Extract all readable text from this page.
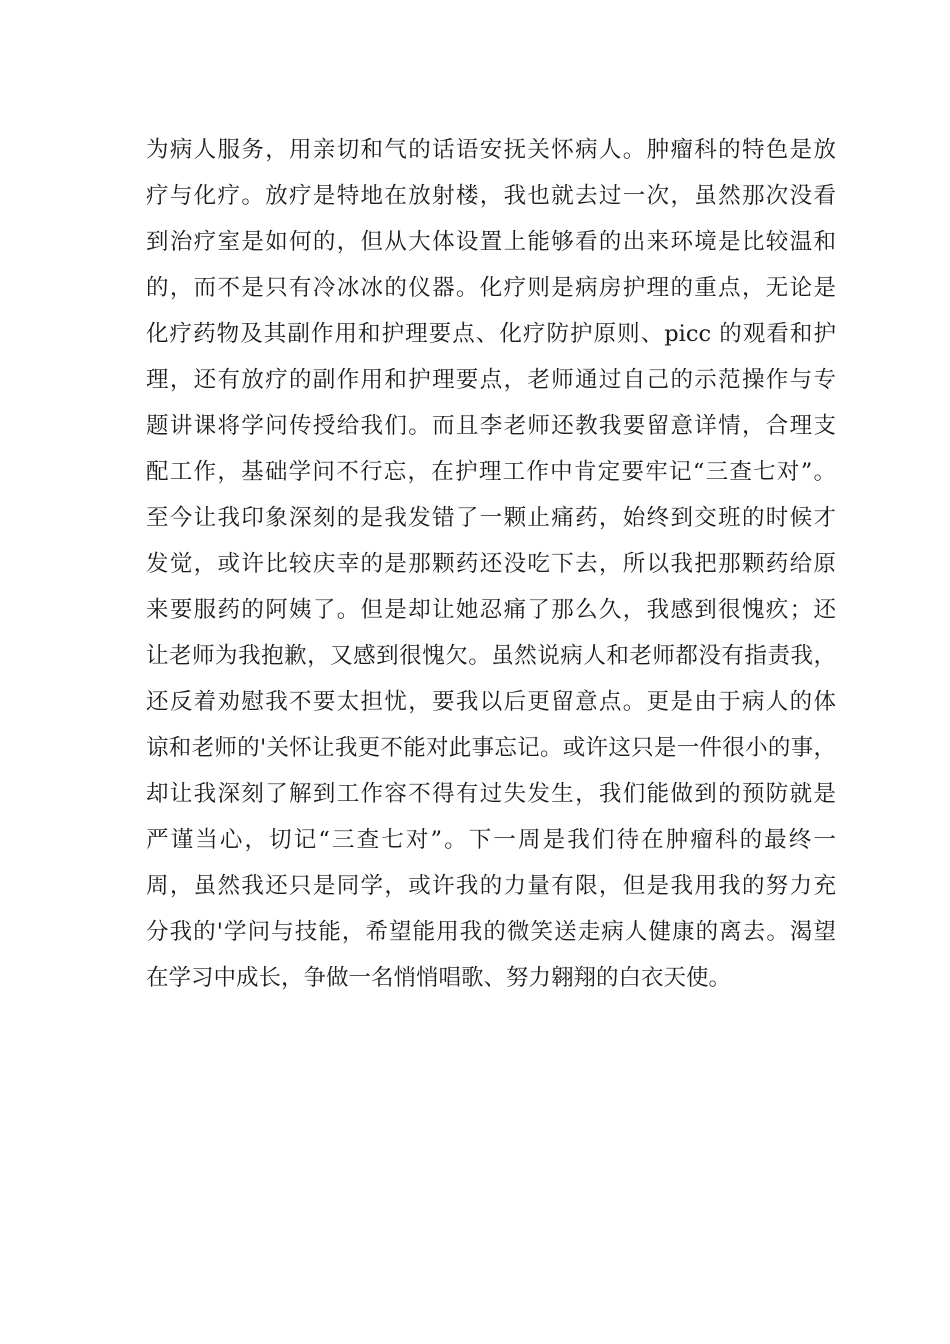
为病人服务，用亲切和气的话语安抚关怀病人。肿瘤科的特色是放
疗与化疗。放疗是特地在放射楼，我也就去过一次，虽然那次没看
到治疗室是如何的，但从大体设置上能够看的出来环境是比较温和
的，而不是只有冷冰冰的仪器。化疗则是病房护理的重点，无论是
化疗药物及其副作用和护理要点、化疗防护原则、picc 的观看和护
理，还有放疗的副作用和护理要点，老师通过自己的示范操作与专
题讲课将学问传授给我们。而且李老师还教我要留意详情，合理支
配工作，基础学问不行忘，在护理工作中肯定要牢记“三查七对”。
至今让我印象深刻的是我发错了一颗止痛药，始终到交班的时候才
发觉，或许比较庆幸的是那颗药还没吃下去，所以我把那颗药给原
来要服药的阿姨了。但是却让她忍痛了那么久，我感到很愧疚；还
让老师为我抱歉，又感到很愧欠。虽然说病人和老师都没有指责我，
还反着劝慰我不要太担忧，要我以后更留意点。更是由于病人的体
谅和老师的'关怀让我更不能对此事忘记。或许这只是一件很小的事，
却让我深刻了解到工作容不得有过失发生，我们能做到的预防就是
严谨当心，切记“三查七对”。下一周是我们待在肿瘤科的最终一
周，虽然我还只是同学，或许我的力量有限，但是我用我的努力充
分我的'学问与技能，希望能用我的微笑送走病人健康的离去。渴望
在学习中成长，争做一名悄悄唱歌、努力翱翔的白衣天使。
